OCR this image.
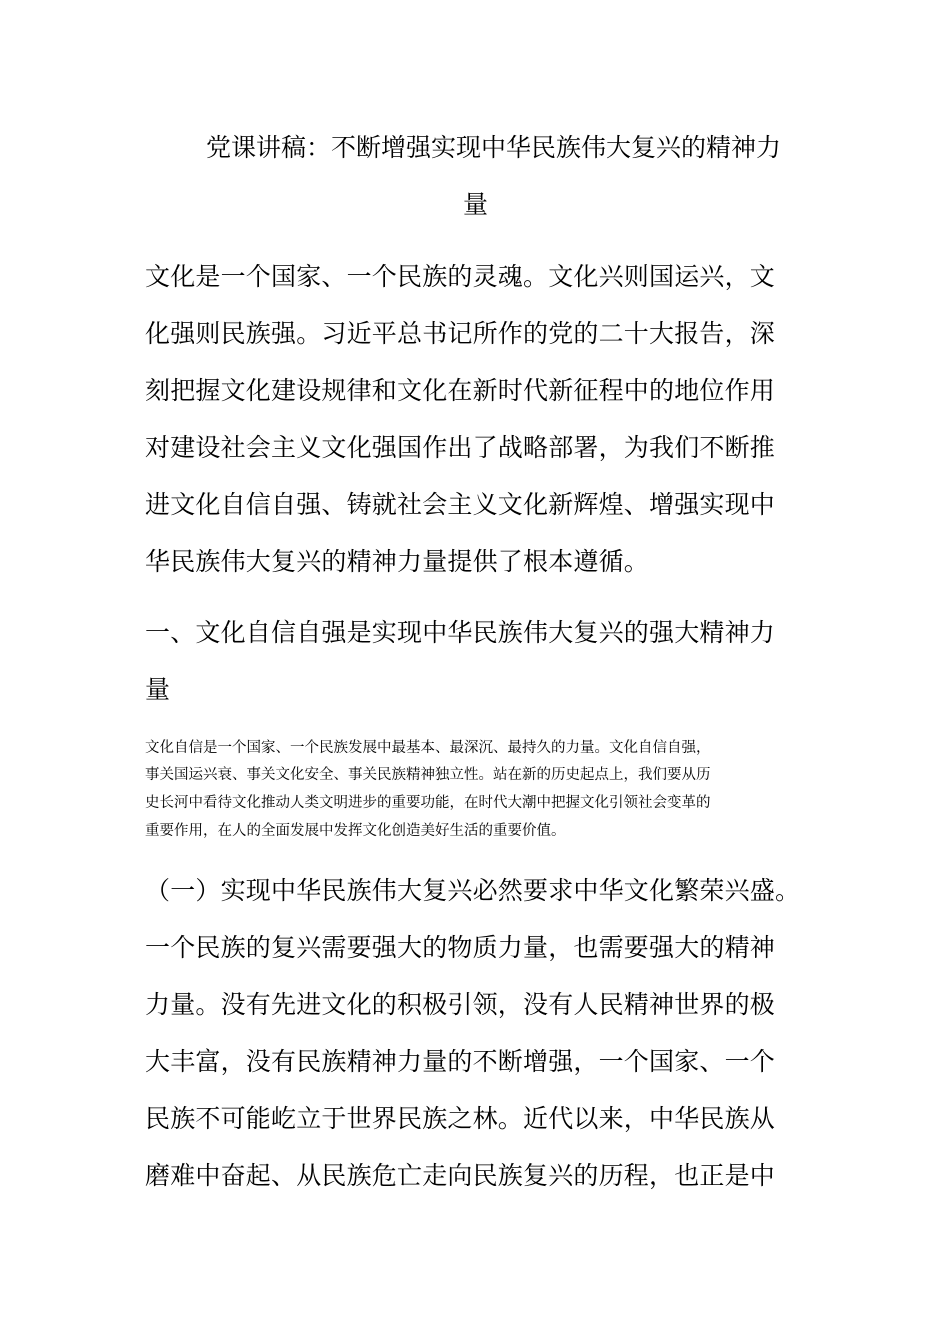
党课讲稿：不断增强实现中华民族伟大复兴的精神力
量
文化是一个国家、一个民族的灵魂。文化兴则国运兴，文
化强则民族强。习近平总书记所作的党的二十大报告，深
刻把握文化建设规律和文化在新时代新征程中的地位作用
对建设社会主义文化强国作出了战略部署，为我们不断推
进文化自信自强、铸就社会主义文化新辉煌、增强实现中
华民族伟大复兴的精神力量提供了根本遵循。
一、文化自信自强是实现中华民族伟大复兴的强大精神力
量
文化自信是一个国家、一个民族发展中最基本、最深沉、最持久的力量。文化自信自强，
事关国运兴衰、事关文化安全、事关民族精神独立性。站在新的历史起点上，我们要从历
史长河中看待文化推动人类文明进步的重要功能，在时代大潮中把握文化引领社会变革的
重要作用，在人的全面发展中发挥文化创造美好生活的重要价值。
（一）实现中华民族伟大复兴必然要求中华文化繁荣兴盛。
一个民族的复兴需要强大的物质力量，也需要强大的精神
力量。没有先进文化的积极引领，没有人民精神世界的极
大丰富，没有民族精神力量的不断增强，一个国家、一个
民族不可能屹立于世界民族之林。近代以来，中华民族从
磨难中奋起、从民族危亡走向民族复兴的历程，也正是中
